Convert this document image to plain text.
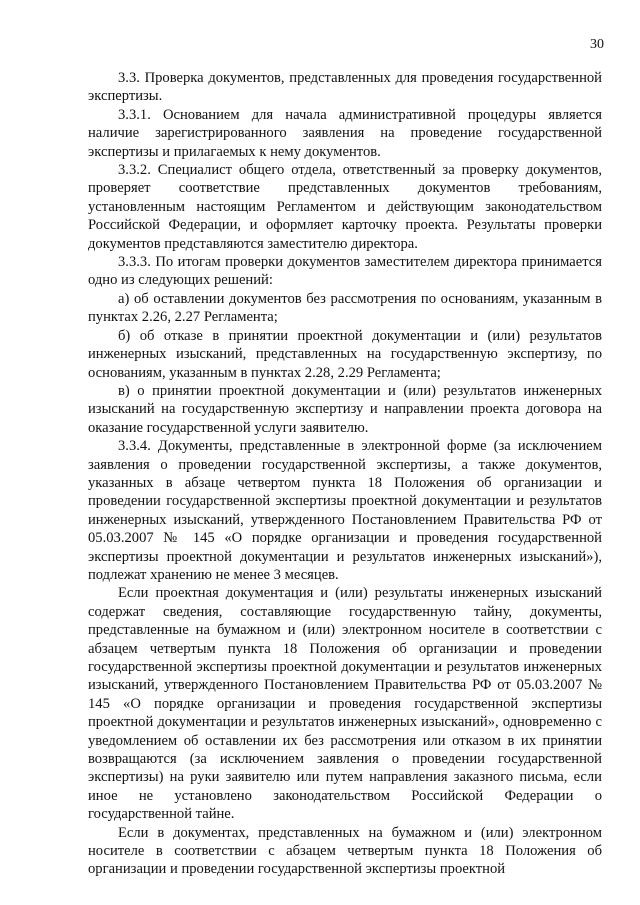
30

3.3. Проверка документов, представленных для проведения государственной экспертизы.

3.3.1. Основанием для начала административной процедуры является наличие зарегистрированного заявления на проведение государственной экспертизы и прилагаемых к нему документов.

3.3.2. Специалист общего отдела, ответственный за проверку документов, проверяет соответствие представленных документов требованиям, установленным настоящим Регламентом и действующим законодательством Российской Федерации, и оформляет карточку проекта. Результаты проверки документов представляются заместителю директора.

3.3.3. По итогам проверки документов заместителем директора принимается одно из следующих решений:

а) об оставлении документов без рассмотрения по основаниям, указанным в пунктах 2.26, 2.27 Регламента;

б) об отказе в принятии проектной документации и (или) результатов инженерных изысканий, представленных на государственную экспертизу, по основаниям, указанным в пунктах 2.28, 2.29 Регламента;

в) о принятии проектной документации и (или) результатов инженерных изысканий на государственную экспертизу и направлении проекта договора на оказание государственной услуги заявителю.

3.3.4. Документы, представленные в электронной форме (за исключением заявления о проведении государственной экспертизы, а также документов, указанных в абзаце четвертом пункта 18 Положения об организации и проведении государственной экспертизы проектной документации и результатов инженерных изысканий, утвержденного Постановлением Правительства РФ от 05.03.2007 № 145 «О порядке организации и проведения государственной экспертизы проектной документации и результатов инженерных изысканий»), подлежат хранению не менее 3 месяцев.

Если проектная документация и (или) результаты инженерных изысканий содержат сведения, составляющие государственную тайну, документы, представленные на бумажном и (или) электронном носителе в соответствии с абзацем четвертым пункта 18 Положения об организации и проведении государственной экспертизы проектной документации и результатов инженерных изысканий, утвержденного Постановлением Правительства РФ от 05.03.2007 № 145 «О порядке организации и проведения государственной экспертизы проектной документации и результатов инженерных изысканий», одновременно с уведомлением об оставлении их без рассмотрения или отказом в их принятии возвращаются (за исключением заявления о проведении государственной экспертизы) на руки заявителю или путем направления заказного письма, если иное не установлено законодательством Российской Федерации о государственной тайне.

Если в документах, представленных на бумажном и (или) электронном носителе в соответствии с абзацем четвертым пункта 18 Положения об организации и проведении государственной экспертизы проектной
